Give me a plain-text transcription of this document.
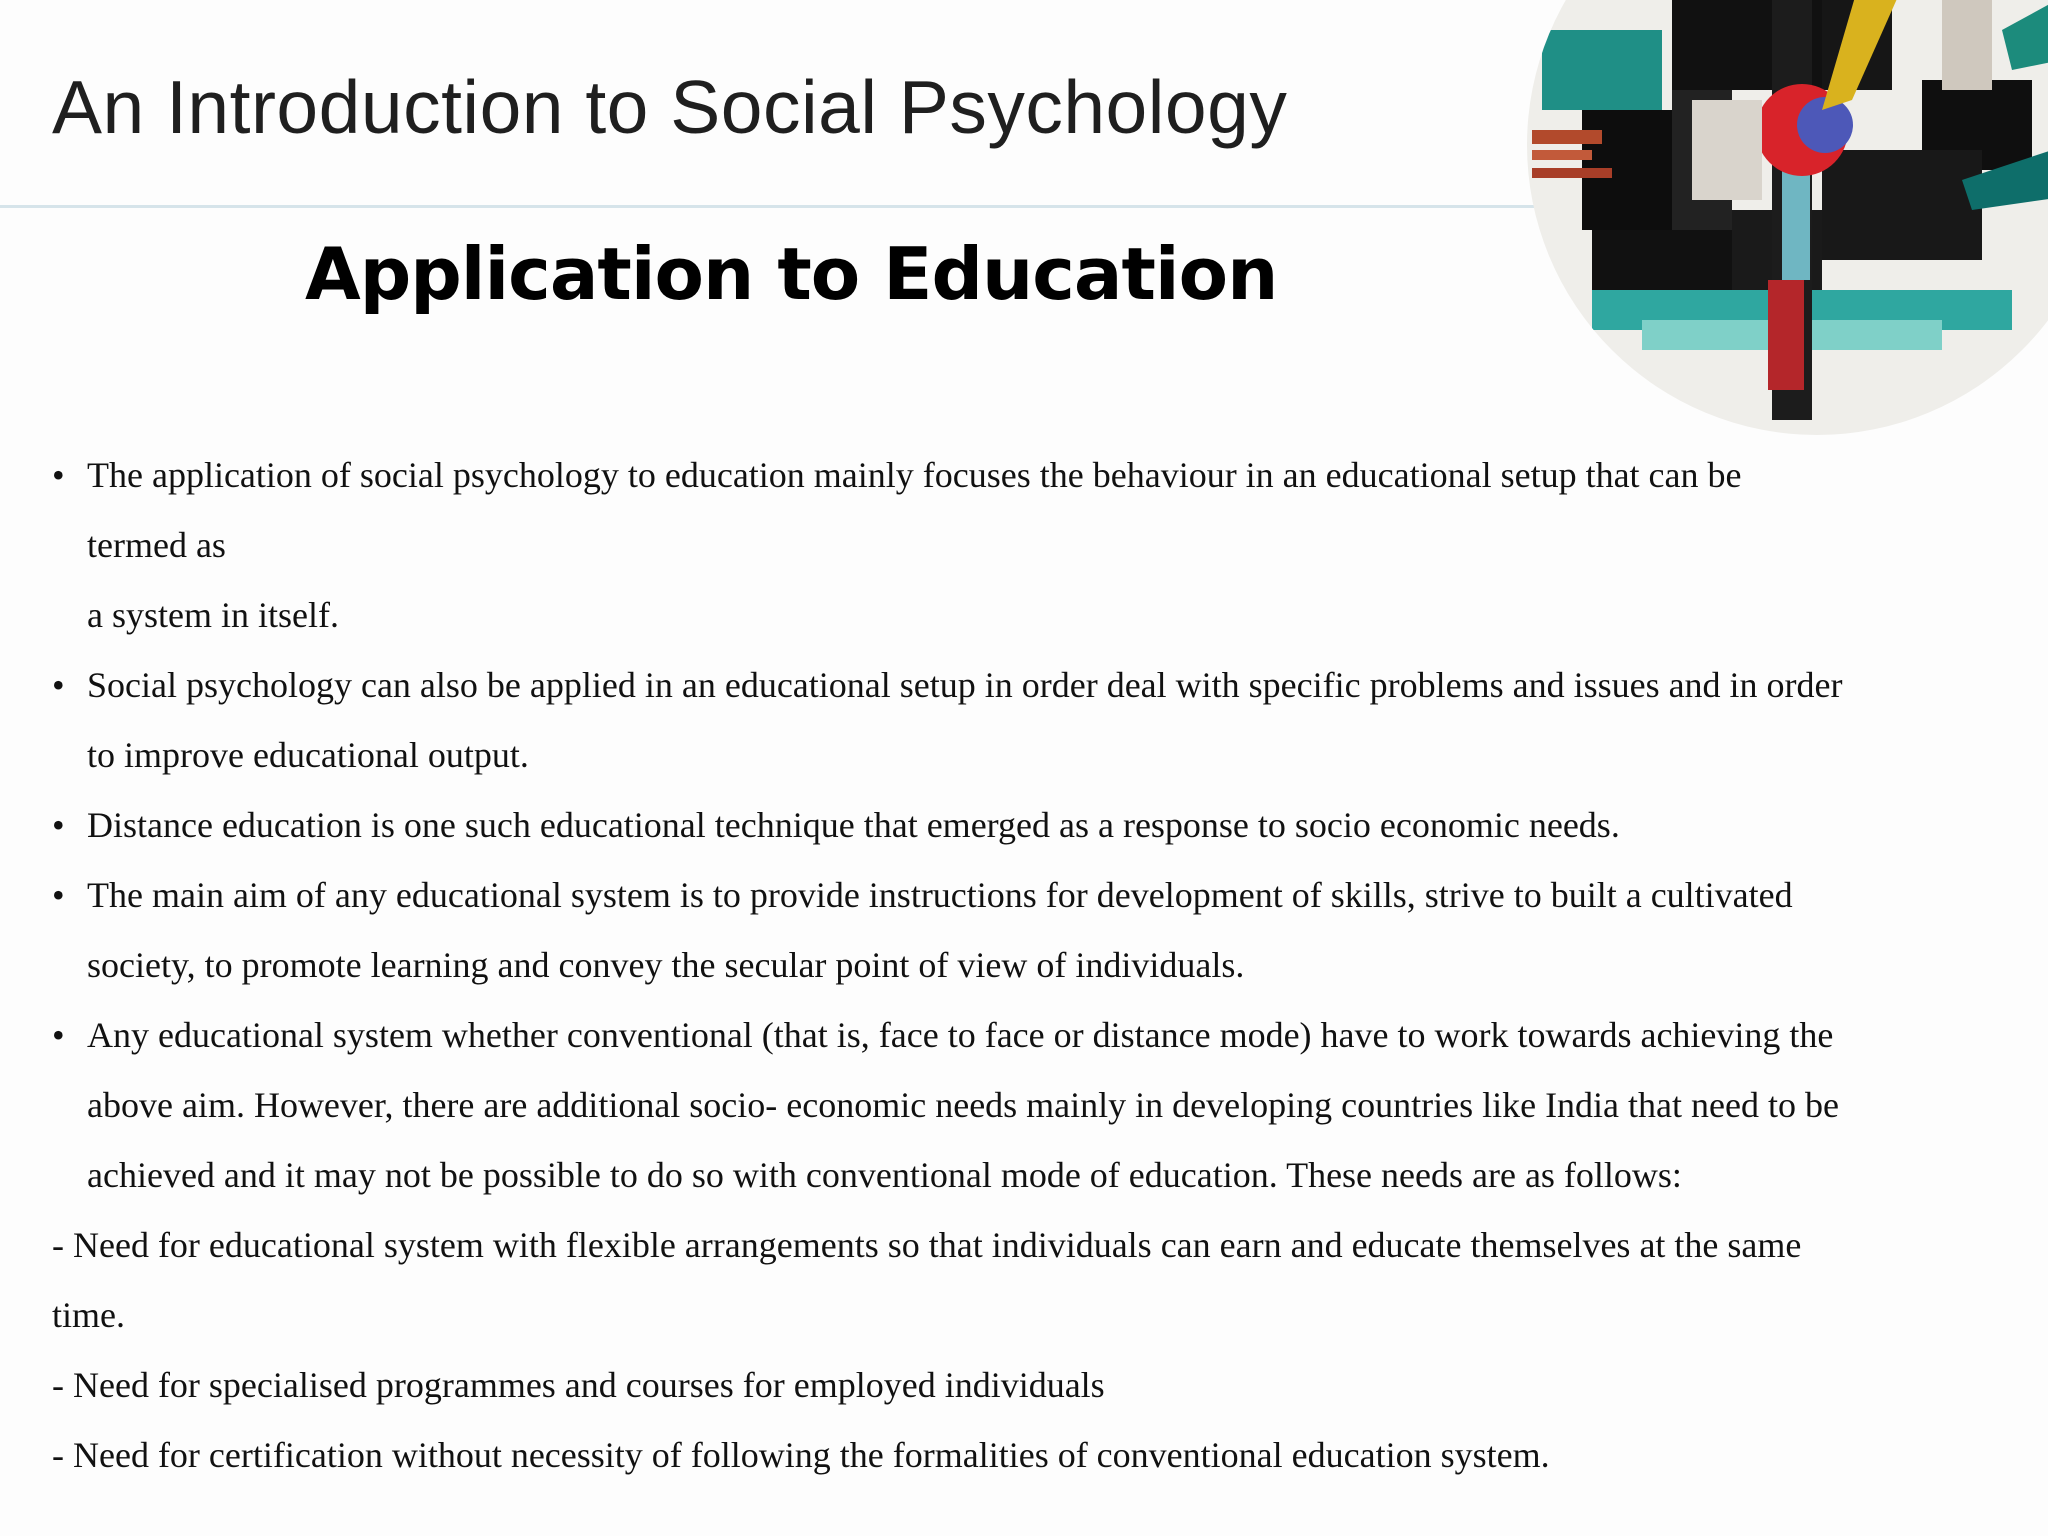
An Introduction to Social Psychology
Application to Education
• The application of social psychology to education mainly focuses the behaviour in an educational setup that can be
termed as
a system in itself.
• Social psychology can also be applied in an educational setup in order deal with specific problems and issues and in order
to improve educational output.
• Distance education is one such educational technique that emerged as a response to socio economic needs.
• The main aim of any educational system is to provide instructions for development of skills, strive to built a cultivated
society, to promote learning and convey the secular point of view of individuals.
• Any educational system whether conventional (that is, face to face or distance mode) have to work towards achieving the
above aim. However, there are additional socio- economic needs mainly in developing countries like India that need to be
achieved and it may not be possible to do so with conventional mode of education. These needs are as follows:
- Need for educational system with flexible arrangements so that individuals can earn and educate themselves at the same
time.
- Need for specialised programmes and courses for employed individuals
- Need for certification without necessity of following the formalities of conventional education system.
